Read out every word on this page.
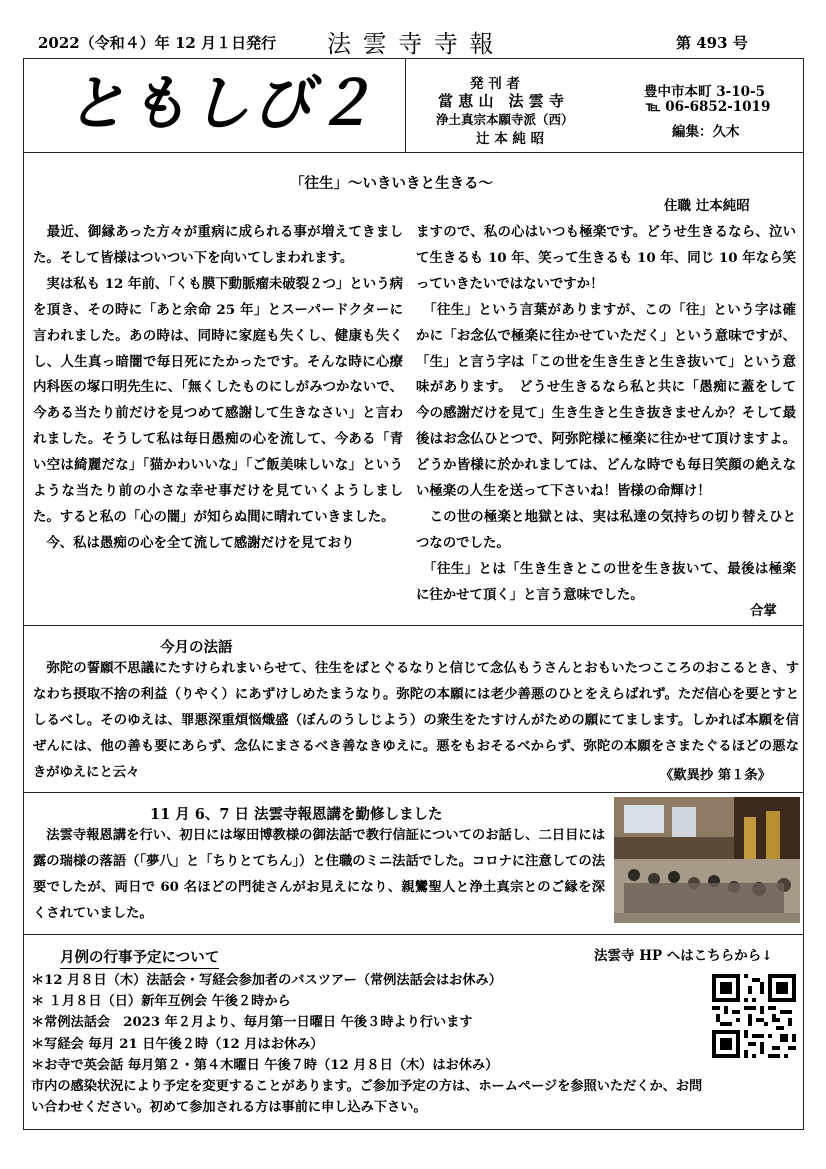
2022（令和４）年 12 月１日発行 法 雲 寺 寺 報	第 493 号
ともしび２	発 刊 者
當 恵 山　法 雲 寺
浄土真宗本願寺派（西）
辻 本 純 昭
豊中市本町 3-10-5
℡ 06-6852-1019
編集：久木
「往生」～いきいきと生きる～
住職 辻本純昭
　最近、御縁あった方々が重病に成られる事が増えてきました。そして皆様はついつい下を向いてしまわれます。
　実は私も 12 年前、「くも膜下動脈瘤未破裂２つ」という病を頂き、その時に「あと余命 25 年」とスーパードクターに言われました。あの時は、同時に家庭も失くし、健康も失くし、人生真っ暗闇で毎日死にたかったです。そんな時に心療内科医の塚口明先生に、「無くしたものにしがみつかないで、今ある当たり前だけを見つめて感謝して生きなさい」と言われました。そうして私は毎日愚痴の心を流して、今ある「青い空は綺麗だな」「猫かわいいな」「ご飯美味しいな」というような当たり前の小さな幸せ事だけを見ていくようしました。すると私の「心の闇」が知らぬ間に晴れていきました。
　今、私は愚痴の心を全て流して感謝だけを見ており
ますので、私の心はいつも極楽です。どうせ生きるなら、泣いて生きるも 10 年、笑って生きるも 10 年、同じ 10 年なら笑っていきたいではないですか！
　「往生」という言葉がありますが、この「往」という字は確かに「お念仏で極楽に往かせていただく」という意味ですが、「生」と言う字は「この世を生き生きと生き抜いて」という意味があります。　どうせ生きるなら私と共に「愚痴に蓋をして今の感謝だけを見て」生き生きと生き抜きませんか？そして最後はお念仏ひとつで、阿弥陀様に極楽に往かせて頂けますよ。どうか皆様に於かれましては、どんな時でも毎日笑顔の絶えない極楽の人生を送って下さいね！皆様の命輝け！
　この世の極楽と地獄とは、実は私達の気持ちの切り替えひとつなのでした。
　「往生」とは「生き生きとこの世を生き抜いて、最後は極楽に往かせて頂く」と言う意味でした。
合掌
今月の法語
　弥陀の誓願不思議にたすけられまいらせて、往生をばとぐるなりと信じて念仏もうさんとおもいたつこころのおこるとき、すなわち摂取不捨の利益（りやく）にあずけしめたまうなり。弥陀の本願には老少善悪のひとをえらばれず。ただ信心を要とすとしるべし。そのゆえは、罪悪深重煩悩熾盛（ぼんのうしじよう）の衆生をたすけんがための願にてまします。しかれば本願を信ぜんには、他の善も要にあらず、念仏にまさるべき善なきゆえに。悪をもおそるべからず、弥陀の本願をさまたぐるほどの悪なきがゆえにと云々	《歎異抄 第１条》
11 月 6、7 日 法雲寺報恩講を勤修しました
　法雲寺報恩講を行い、初日には塚田博教様の御法話で教行信証についてのお話し、二日目には露の瑞様の落語（「夢八」と「ちりとてちん」）と住職のミニ法話でした。コロナに注意しての法要でしたが、両日で 60 名ほどの門徒さんがお見えになり、親鸞聖人と浄土真宗とのご縁を深くされていました。
月例の行事予定について	法雲寺 HP へはこちらから↓
＊12 月８日（木）法話会・写経会参加者のバスツアー（常例法話会はお休み）
＊ １月８日（日）新年互例会 午後２時から
＊常例法話会　2023 年２月より、毎月第一日曜日 午後３時より行います
＊写経会 毎月 21 日午後２時（12 月はお休み）
＊お寺で英会話 毎月第２・第４木曜日 午後７時（12 月８日（木）はお休み）
市内の感染状況により予定を変更することがあります。ご参加予定の方は、ホームページを参照いただくか、お問い合わせください。初めて参加される方は事前に申し込み下さい。
